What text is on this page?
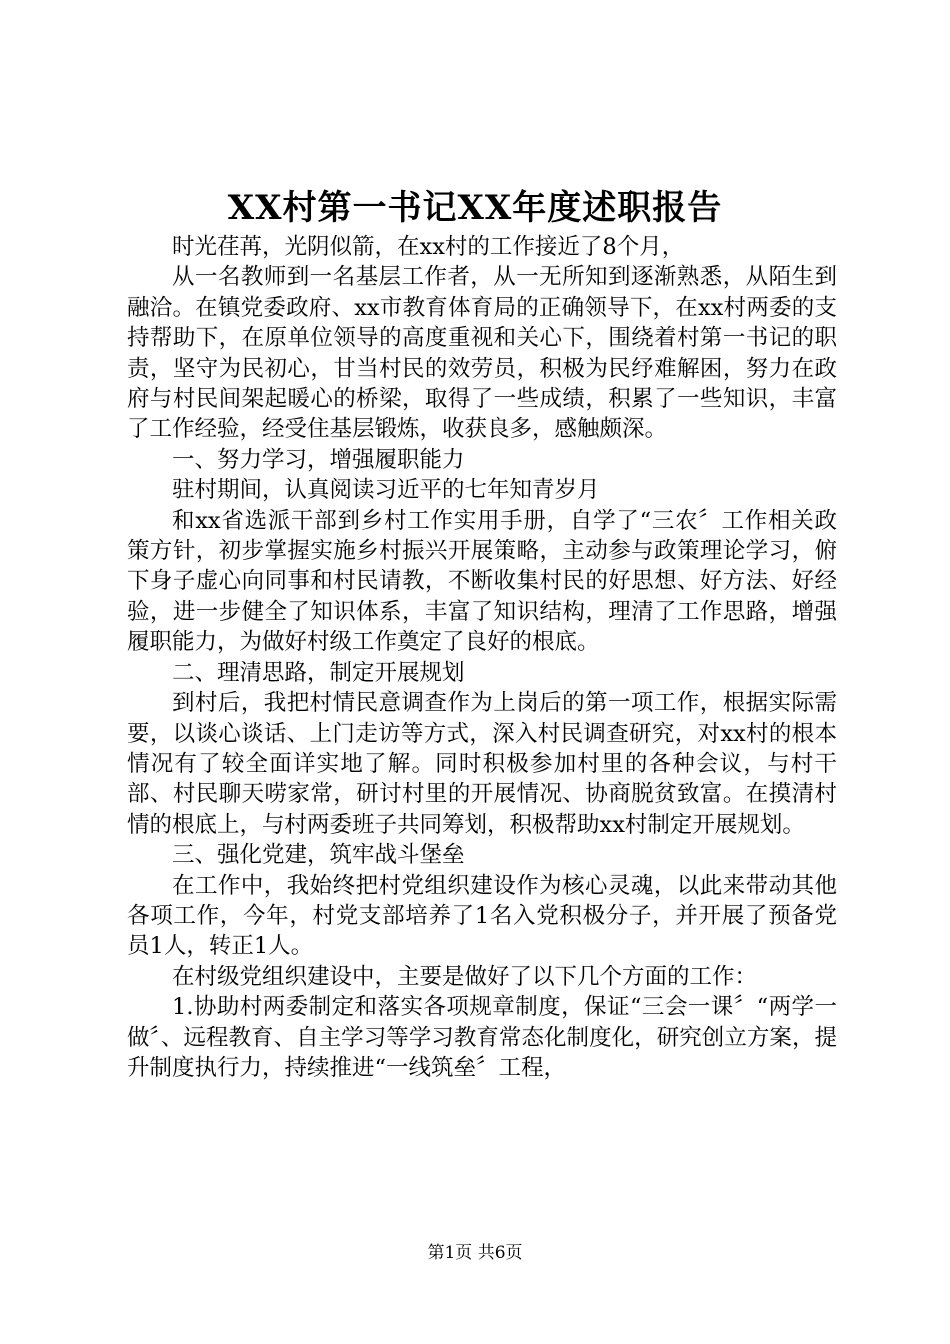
XX村第一书记XX年度述职报告

时光荏苒，光阴似箭，在xx村的工作接近了8个月，

从一名教师到一名基层工作者，从一无所知到逐渐熟悉，从陌生到融洽。在镇党委政府、xx市教育体育局的正确领导下，在xx村两委的支持帮助下，在原单位领导的高度重视和关心下，围绕着村第一书记的职责，坚守为民初心，甘当村民的效劳员，积极为民纾难解困，努力在政府与村民间架起暖心的桥梁，取得了一些成绩，积累了一些知识，丰富了工作经验，经受住基层锻炼，收获良多，感触颇深。

一、努力学习，增强履职能力

驻村期间，认真阅读习近平的七年知青岁月

和xx省选派干部到乡村工作实用手册，自学了“三农〞工作相关政策方针，初步掌握实施乡村振兴开展策略，主动参与政策理论学习，俯下身子虚心向同事和村民请教，不断收集村民的好思想、好方法、好经验，进一步健全了知识体系，丰富了知识结构，理清了工作思路，增强履职能力，为做好村级工作奠定了良好的根底。

二、理清思路，制定开展规划

到村后，我把村情民意调查作为上岗后的第一项工作，根据实际需要，以谈心谈话、上门走访等方式，深入村民调查研究，对xx村的根本情况有了较全面详实地了解。同时积极参加村里的各种会议，与村干部、村民聊天唠家常，研讨村里的开展情况、协商脱贫致富。在摸清村情的根底上，与村两委班子共同筹划，积极帮助xx村制定开展规划。

三、强化党建，筑牢战斗堡垒

在工作中，我始终把村党组织建设作为核心灵魂，以此来带动其他各项工作，今年，村党支部培养了1名入党积极分子，并开展了预备党员1人，转正1人。

在村级党组织建设中，主要是做好了以下几个方面的工作：

1.协助村两委制定和落实各项规章制度，保证“三会一课〞“两学一做〞、远程教育、自主学习等学习教育常态化制度化，研究创立方案，提升制度执行力，持续推进“一线筑垒〞工程，

第1页 共6页
